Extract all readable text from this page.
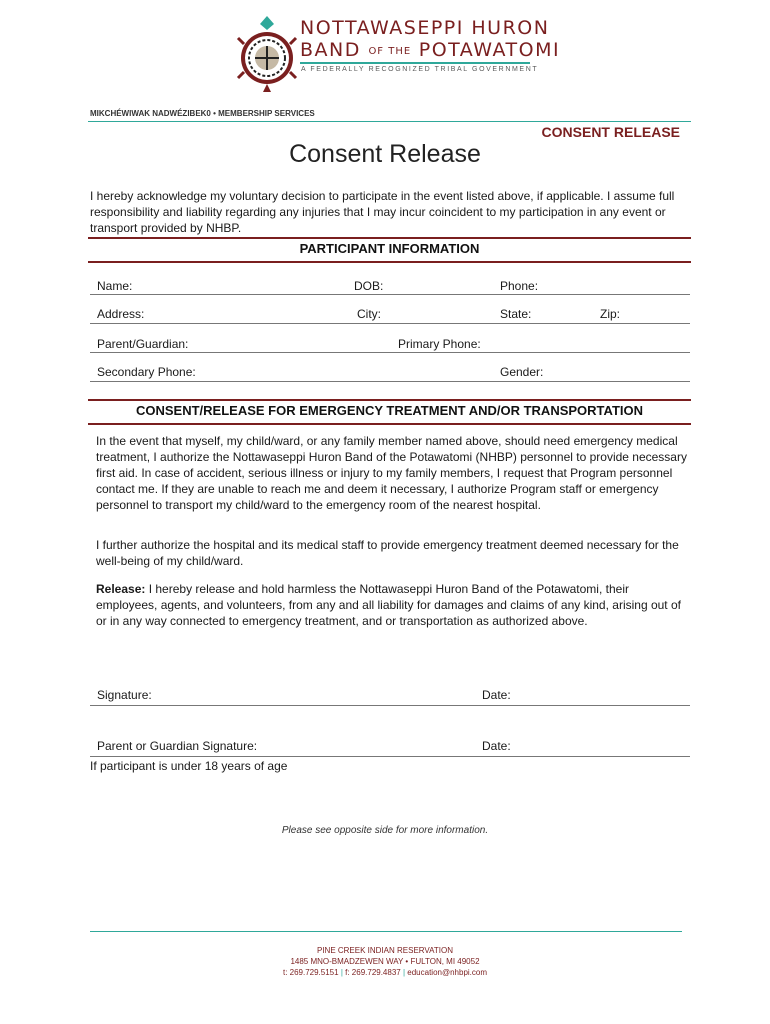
NOTTAWASEPPI HURON
BAND OF THE POTAWATOMI
A FEDERALLY RECOGNIZED TRIBAL GOVERNMENT
MIKCHÉWIWAK NADWÉZIBEK0 • MEMBERSHIP SERVICES
CONSENT RELEASE
Consent Release
I hereby acknowledge my voluntary decision to participate in the event listed above, if applicable. I assume full responsibility and liability regarding any injuries that I may incur coincident to my participation in any event or transport provided by NHBP.
PARTICIPANT INFORMATION
Name:	DOB:	Phone:
Address:	City:	State:	Zip:
Parent/Guardian:	Primary Phone:
Secondary Phone:	Gender:
CONSENT/RELEASE FOR EMERGENCY TREATMENT AND/OR TRANSPORTATION
In the event that myself, my child/ward, or any family member named above, should need emergency medical treatment, I authorize the Nottawaseppi Huron Band of the Potawatomi (NHBP) personnel to provide necessary first aid. In case of accident, serious illness or injury to my family members, I request that Program personnel contact me. If they are unable to reach me and deem it necessary, I authorize Program staff or emergency personnel to transport my child/ward to the emergency room of the nearest hospital.
I further authorize the hospital and its medical staff to provide emergency treatment deemed necessary for the well-being of my child/ward.
Release: I hereby release and hold harmless the Nottawaseppi Huron Band of the Potawatomi, their employees, agents, and volunteers, from any and all liability for damages and claims of any kind, arising out of or in any way connected to emergency treatment, and or transportation as authorized above.
Signature:	Date:
Parent or Guardian Signature:	Date:
If participant is under 18 years of age
Please see opposite side for more information.
PINE CREEK INDIAN RESERVATION
1485 MNO-BMADZEWEN WAY • FULTON, MI 49052
t: 269.729.5151 | f: 269.729.4837 | education@nhbpi.com
